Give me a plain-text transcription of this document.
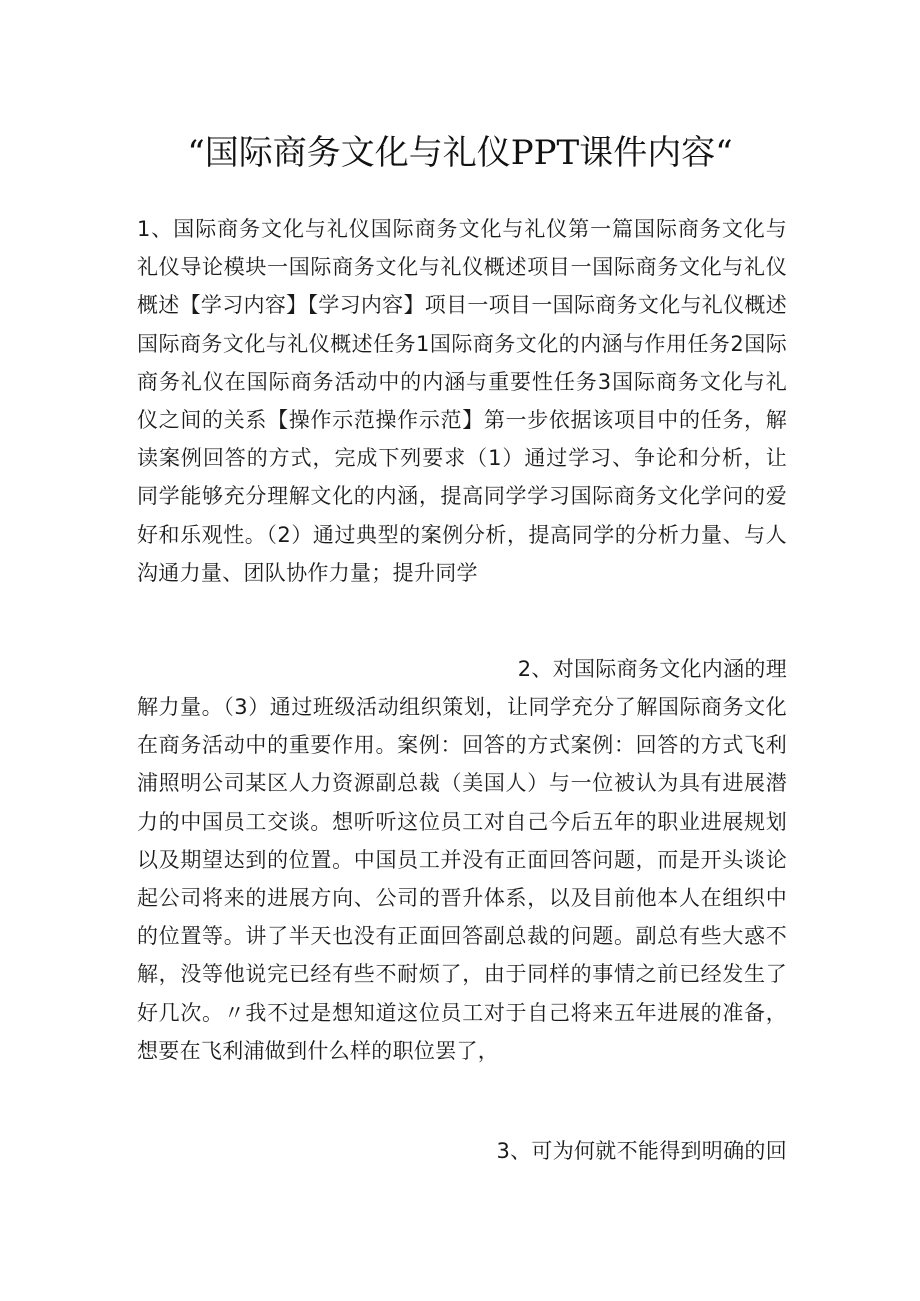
“国际商务文化与礼仪PPT课件内容“

1、国际商务文化与礼仪国际商务文化与礼仪第一篇国际商务文化与礼仪导论模块一国际商务文化与礼仪概述项目一国际商务文化与礼仪概述【学习内容】【学习内容】项目一项目一国际商务文化与礼仪概述国际商务文化与礼仪概述任务1国际商务文化的内涵与作用任务2国际商务礼仪在国际商务活动中的内涵与重要性任务3国际商务文化与礼仪之间的关系【操作示范操作示范】第一步依据该项目中的任务，解读案例回答的方式，完成下列要求（1）通过学习、争论和分析，让同学能够充分理解文化的内涵，提高同学学习国际商务文化学问的爱好和乐观性。（2）通过典型的案例分析，提高同学的分析力量、与人沟通力量、团队协作力量；提升同学

2、对国际商务文化内涵的理

解力量。（3）通过班级活动组织策划，让同学充分了解国际商务文化在商务活动中的重要作用。案例：回答的方式案例：回答的方式飞利浦照明公司某区人力资源副总裁（美国人）与一位被认为具有进展潜力的中国员工交谈。想听听这位员工对自己今后五年的职业进展规划以及期望达到的位置。中国员工并没有正面回答问题，而是开头谈论起公司将来的进展方向、公司的晋升体系，以及目前他本人在组织中的位置等。讲了半天也没有正面回答副总裁的问题。副总有些大惑不解，没等他说完已经有些不耐烦了，由于同样的事情之前已经发生了好几次。〃我不过是想知道这位员工对于自己将来五年进展的准备，想要在飞利浦做到什么样的职位罢了，

3、可为何就不能得到明确的回
